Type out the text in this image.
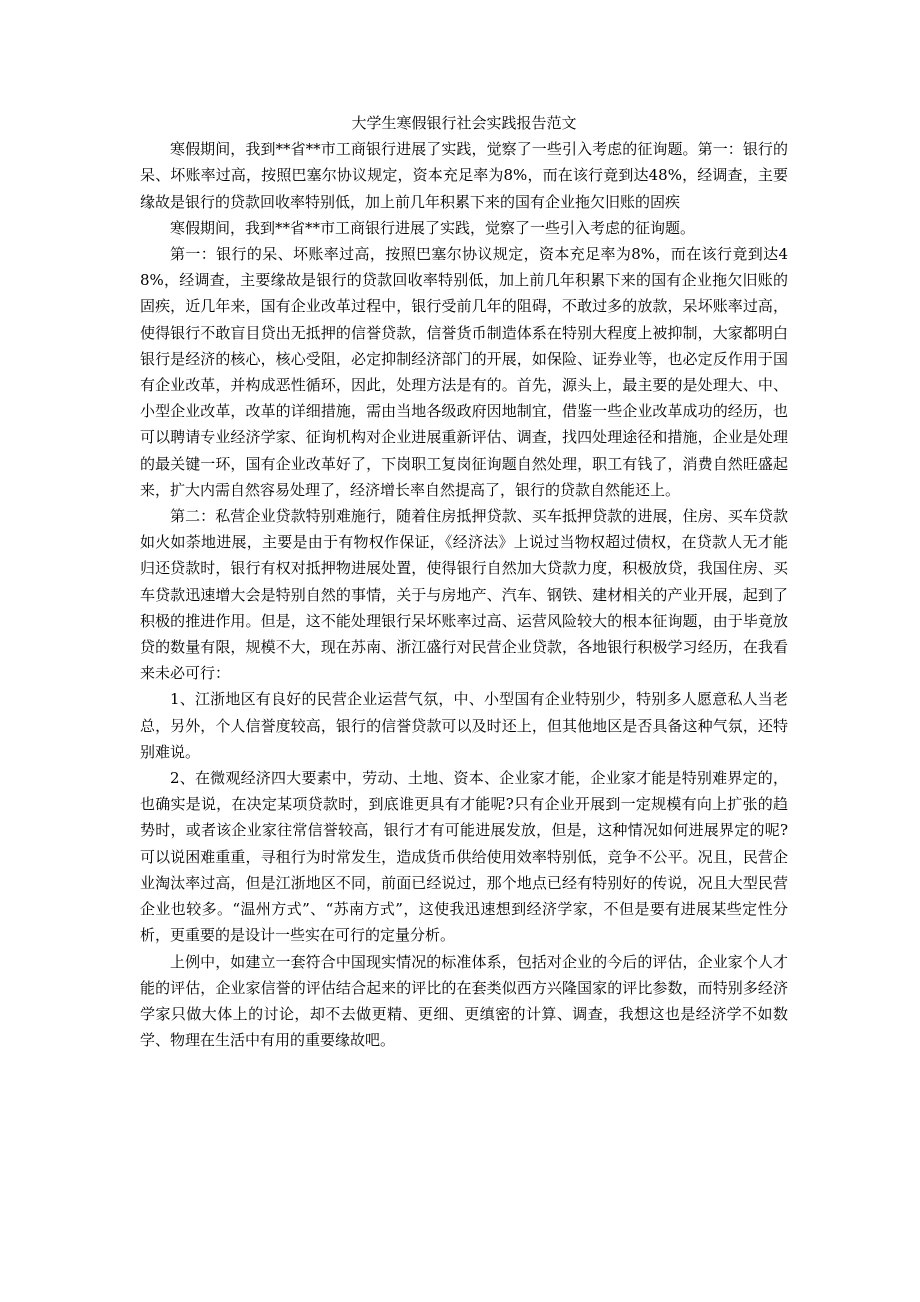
大学生寒假银行社会实践报告范文

寒假期间，我到**省**市工商银行进展了实践，觉察了一些引入考虑的征询题。第一：银行的呆、坏账率过高，按照巴塞尔协议规定，资本充足率为8%，而在该行竟到达48%，经调查，主要缘故是银行的贷款回收率特别低，加上前几年积累下来的国有企业拖欠旧账的固疾

寒假期间，我到**省**市工商银行进展了实践，觉察了一些引入考虑的征询题。

第一：银行的呆、坏账率过高，按照巴塞尔协议规定，资本充足率为8%，而在该行竟到达48%，经调查，主要缘故是银行的贷款回收率特别低，加上前几年积累下来的国有企业拖欠旧账的固疾，近几年来，国有企业改革过程中，银行受前几年的阻碍，不敢过多的放款，呆坏账率过高，使得银行不敢盲目贷出无抵押的信誉贷款，信誉货币制造体系在特别大程度上被抑制，大家都明白银行是经济的核心，核心受阻，必定抑制经济部门的开展，如保险、证券业等，也必定反作用于国有企业改革，并构成恶性循环，因此，处理方法是有的。首先，源头上，最主要的是处理大、中、小型企业改革，改革的详细措施，需由当地各级政府因地制宜，借鉴一些企业改革成功的经历，也可以聘请专业经济学家、征询机构对企业进展重新评估、调查，找四处理途径和措施，企业是处理的最关键一环，国有企业改革好了，下岗职工复岗征询题自然处理，职工有钱了，消费自然旺盛起来，扩大内需自然容易处理了，经济增长率自然提高了，银行的贷款自然能还上。

第二：私营企业贷款特别难施行，随着住房抵押贷款、买车抵押贷款的进展，住房、买车贷款如火如荼地进展，主要是由于有物权作保证，《经济法》上说过当物权超过债权，在贷款人无才能归还贷款时，银行有权对抵押物进展处置，使得银行自然加大贷款力度，积极放贷，我国住房、买车贷款迅速增大会是特别自然的事情，关于与房地产、汽车、钢铁、建材相关的产业开展，起到了积极的推进作用。但是，这不能处理银行呆坏账率过高、运营风险较大的根本征询题，由于毕竟放贷的数量有限，规模不大，现在苏南、浙江盛行对民营企业贷款，各地银行积极学习经历，在我看来未必可行：

1、江浙地区有良好的民营企业运营气氛，中、小型国有企业特别少，特别多人愿意私人当老总，另外，个人信誉度较高，银行的信誉贷款可以及时还上，但其他地区是否具备这种气氛，还特别难说。

2、在微观经济四大要素中，劳动、土地、资本、企业家才能，企业家才能是特别难界定的，也确实是说，在决定某项贷款时，到底谁更具有才能呢?只有企业开展到一定规模有向上扩张的趋势时，或者该企业家往常信誉较高，银行才有可能进展发放，但是，这种情况如何进展界定的呢?可以说困难重重，寻租行为时常发生，造成货币供给使用效率特别低，竞争不公平。况且，民营企业淘汰率过高，但是江浙地区不同，前面已经说过，那个地点已经有特别好的传说，况且大型民营企业也较多。“温州方式”、“苏南方式”，这使我迅速想到经济学家，不但是要有进展某些定性分析，更重要的是设计一些实在可行的定量分析。

上例中，如建立一套符合中国现实情况的标准体系，包括对企业的今后的评估，企业家个人才能的评估，企业家信誉的评估结合起来的评比的在套类似西方兴隆国家的评比参数，而特别多经济学家只做大体上的讨论，却不去做更精、更细、更缜密的计算、调查，我想这也是经济学不如数学、物理在生活中有用的重要缘故吧。
